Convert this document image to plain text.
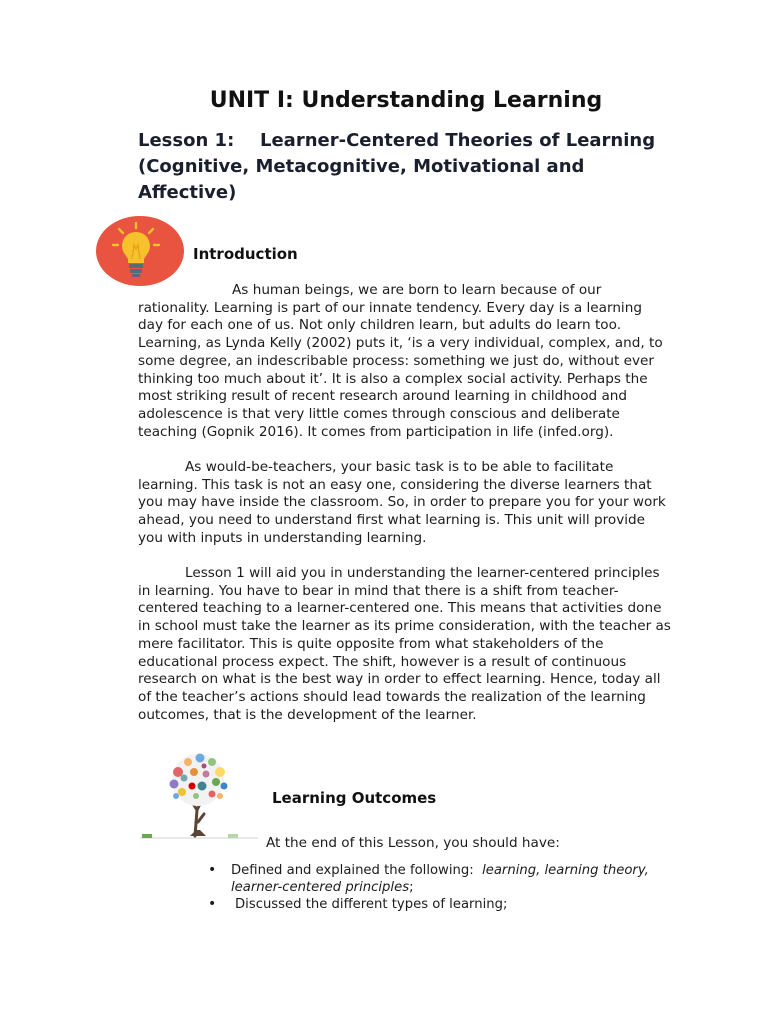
UNIT I: Understanding Learning
Lesson 1: Learner-Centered Theories of Learning
(Cognitive, Metacognitive, Motivational and
Affective)
Introduction
As human beings, we are born to learn because of our
rationality. Learning is part of our innate tendency. Every day is a learning
day for each one of us. Not only children learn, but adults do learn too.
Learning, as Lynda Kelly (2002) puts it, ‘is a very individual, complex, and, to
some degree, an indescribable process: something we just do, without ever
thinking too much about it’. It is also a complex social activity. Perhaps the
most striking result of recent research around learning in childhood and
adolescence is that very little comes through conscious and deliberate
teaching (Gopnik 2016). It comes from participation in life (infed.org).
As would-be-teachers, your basic task is to be able to facilitate
learning. This task is not an easy one, considering the diverse learners that
you may have inside the classroom. So, in order to prepare you for your work
ahead, you need to understand first what learning is. This unit will provide
you with inputs in understanding learning.
Lesson 1 will aid you in understanding the learner-centered principles
in learning. You have to bear in mind that there is a shift from teacher-
centered teaching to a learner-centered one. This means that activities done
in school must take the learner as its prime consideration, with the teacher as
mere facilitator. This is quite opposite from what stakeholders of the
educational process expect. The shift, however is a result of continuous
research on what is the best way in order to effect learning. Hence, today all
of the teacher’s actions should lead towards the realization of the learning
outcomes, that is the development of the learner.
Learning Outcomes
At the end of this Lesson, you should have:
• Defined and explained the following: learning, learning theory,
learner-centered principles;
•	Discussed the different types of learning;
